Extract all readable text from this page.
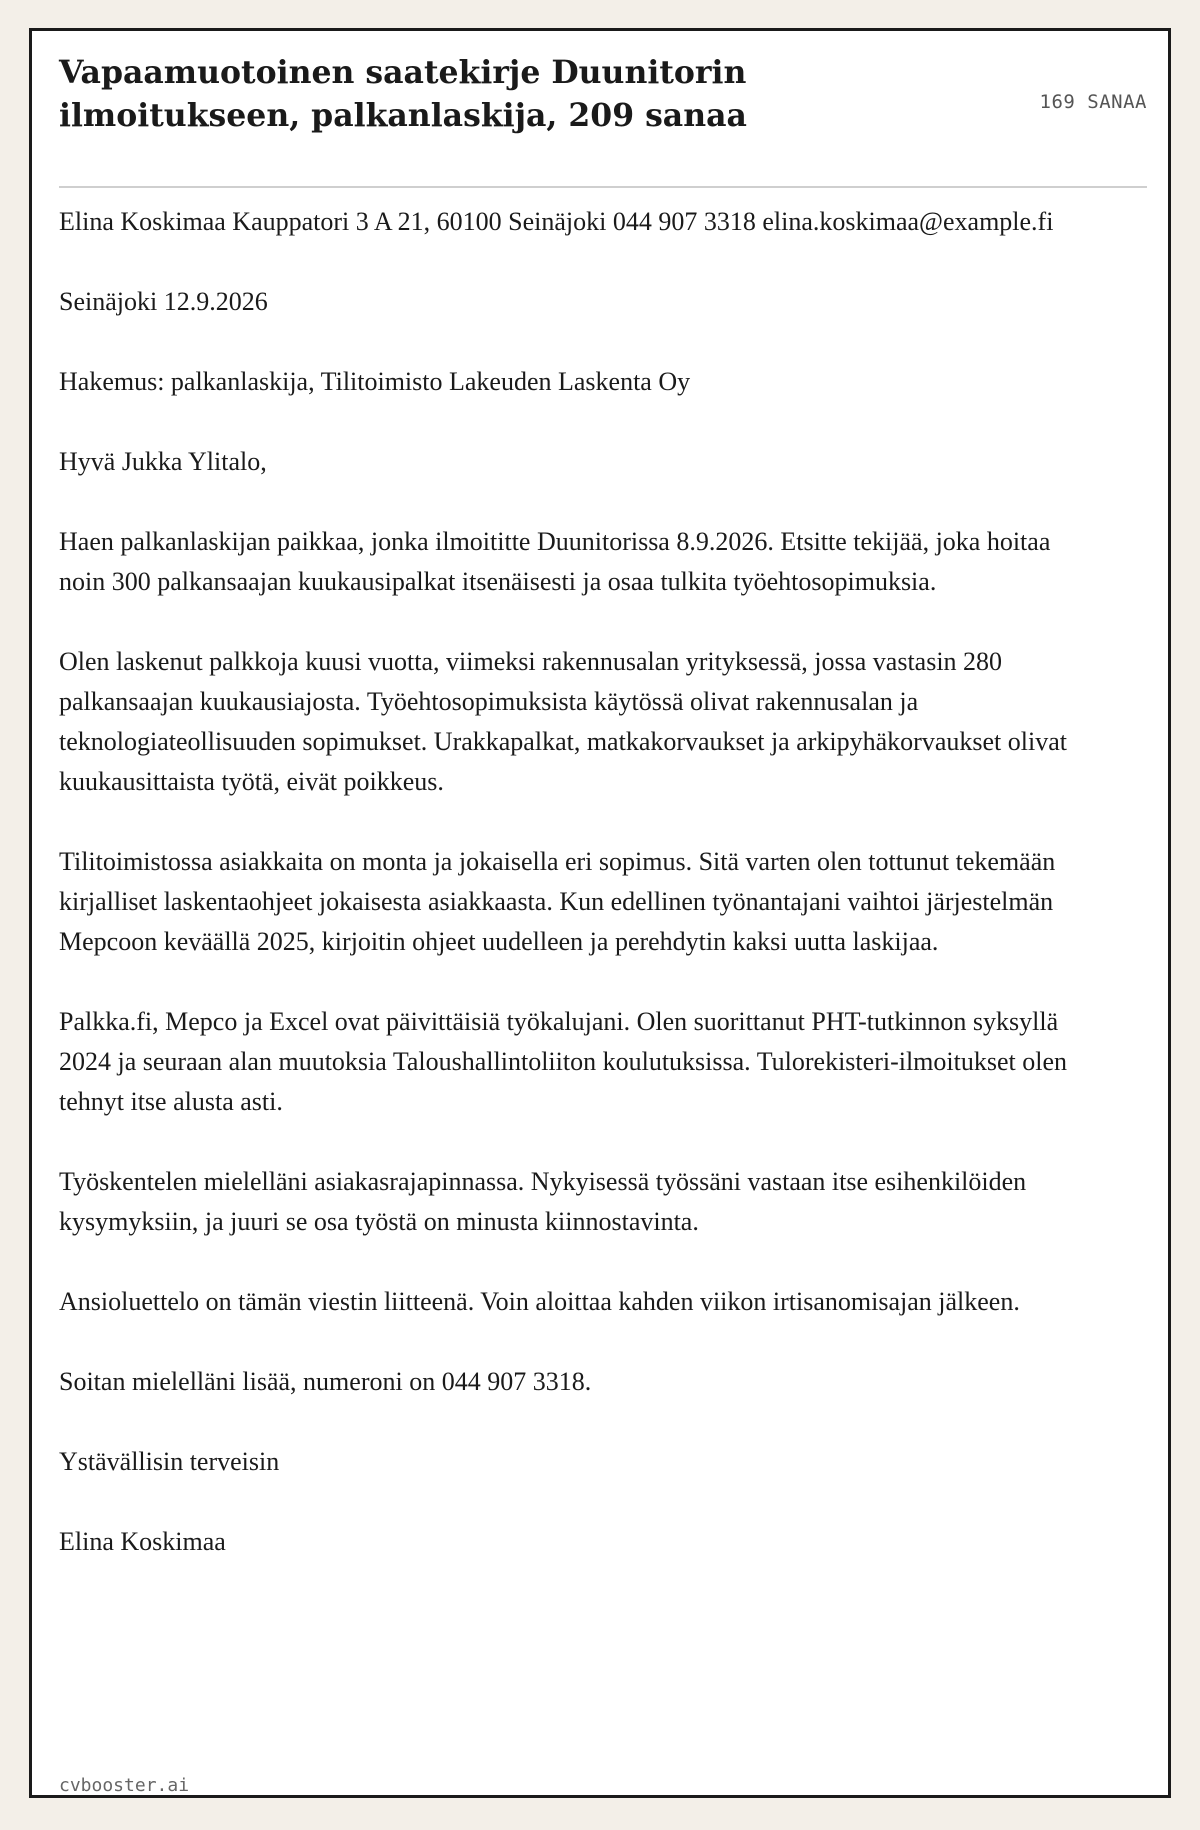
Vapaamuotoinen saatekirje Duunitorin ilmoitukseen, palkanlaskija, 209 sanaa	169 SANAA

Elina Koskimaa Kauppatori 3 A 21, 60100 Seinäjoki 044 907 3318 elina.koskimaa@example.fi

Seinäjoki 12.9.2026

Hakemus: palkanlaskija, Tilitoimisto Lakeuden Laskenta Oy

Hyvä Jukka Ylitalo,

Haen palkanlaskijan paikkaa, jonka ilmoititte Duunitorissa 8.9.2026. Etsitte tekijää, joka hoitaa noin 300 palkansaajan kuukausipalkat itsenäisesti ja osaa tulkita työehtosopimuksia.

Olen laskenut palkkoja kuusi vuotta, viimeksi rakennusalan yrityksessä, jossa vastasin 280 palkansaajan kuukausiajosta. Työehtosopimuksista käytössä olivat rakennusalan ja teknologiateollisuuden sopimukset. Urakkapalkat, matkakorvaukset ja arkipyhäkorvaukset olivat kuukausittaista työtä, eivät poikkeus.

Tilitoimistossa asiakkaita on monta ja jokaisella eri sopimus. Sitä varten olen tottunut tekemään kirjalliset laskentaohjeet jokaisesta asiakkaasta. Kun edellinen työnantajani vaihtoi järjestelmän Mepcoon keväällä 2025, kirjoitin ohjeet uudelleen ja perehdytin kaksi uutta laskijaa.

Palkka.fi, Mepco ja Excel ovat päivittäisiä työkalujani. Olen suorittanut PHT-tutkinnon syksyllä 2024 ja seuraan alan muutoksia Taloushallintoliiton koulutuksissa. Tulorekisteri-ilmoitukset olen tehnyt itse alusta asti.

Työskentelen mielelläni asiakasrajapinnassa. Nykyisessä työssäni vastaan itse esihenkilöiden kysymyksiin, ja juuri se osa työstä on minusta kiinnostavinta.

Ansioluettelo on tämän viestin liitteenä. Voin aloittaa kahden viikon irtisanomisajan jälkeen.

Soitan mielelläni lisää, numeroni on 044 907 3318.

Ystävällisin terveisin

Elina Koskimaa

cvbooster.ai
